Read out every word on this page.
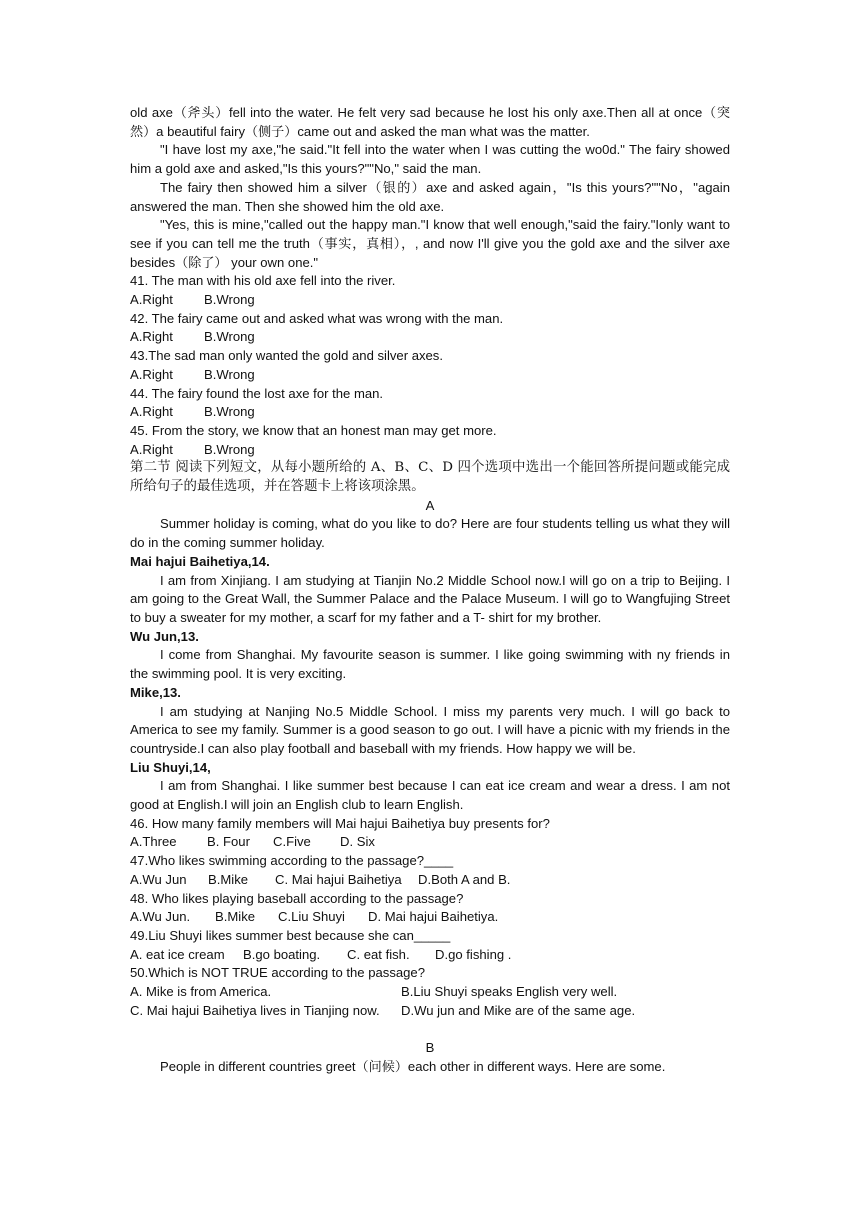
old axe（斧头）fell into the water. He felt very sad because he lost his only axe.Then all at once（突然）a beautiful fairy（侧子）came out and asked the man what was the matter.

"I have lost my axe,"he said."It fell into the water when I was cutting the wo0d." The fairy showed him a gold axe and asked,"Is this yours?""No," said the man.

The fairy then showed him a silver（银的）axe and asked again，"Is this yours?""No，"again answered the man. Then she showed him the old axe.

"Yes, this is mine,"called out the happy man."I know that well enough,"said the fairy."Ionly want to see if you can tell me the truth（事实，真相），, and now I'll give you the gold axe and the silver axe besides（除了） your own one."

41. The man with his old axe fell into the river.

A.Right	B.Wrong

42. The fairy came out and asked what was wrong with the man.

A.Right	B.Wrong

43.The sad man only wanted the gold and silver axes.

A.Right	B.Wrong

44. The fairy found the lost axe for the man.

A.Right	B.Wrong

45. From the story, we know that an honest man may get more.

A.Right	B.Wrong

第二节 阅读下列短文，从每小题所给的 A、B、C、D 四个选项中选出一个能回答所提问题或能完成所给句子的最佳选项，并在答题卡上将该项涂黑。

A

Summer holiday is coming, what do you like to do? Here are four students telling us what they will do in the coming summer holiday.

Mai hajui Baihetiya,14.

I am from Xinjiang. I am studying at Tianjin No.2 Middle School now.I will go on a trip to Beijing. I am going to the Great Wall, the Summer Palace and the Palace Museum. I will go to Wangfujing Street to buy a sweater for my mother, a scarf for my father and a T- shirt for my brother.

Wu Jun,13.

I come from Shanghai. My favourite season is summer. I like going swimming with ny friends in the swimming pool. It is very exciting.

Mike,13.

I am studying at Nanjing No.5 Middle School. I miss my parents very much. I will go back to America to see my family. Summer is a good season to go out. I will have a picnic with my friends in the countryside.I can also play football and baseball with my friends. How happy we will be.

Liu Shuyi,14,

I am from Shanghai. I like summer best because I can eat ice cream and wear a dress. I am not good at English.I will join an English club to learn English.

46. How many family members will Mai hajui Baihetiya buy presents for?

A.Three	B. Four	C.Five	D. Six

47.Who likes swimming according to the passage?____

A.Wu Jun	B.Mike	C. Mai hajui Baihetiya	D.Both A and B.

48. Who likes playing baseball according to the passage?

A.Wu Jun.	B.Mike	C.Liu Shuyi	D. Mai hajui Baihetiya.

49.Liu Shuyi likes summer best because she can_____

A. eat ice cream	B.go boating.	C. eat fish.	D.go fishing .

50.Which is NOT TRUE according to the passage?

A. Mike is from America.	B.Liu Shuyi speaks English very well.
C. Mai hajui Baihetiya lives in Tianjing now.	D.Wu jun and Mike are of the same age.

B

People in different countries greet（问候）each other in different ways. Here are some.
